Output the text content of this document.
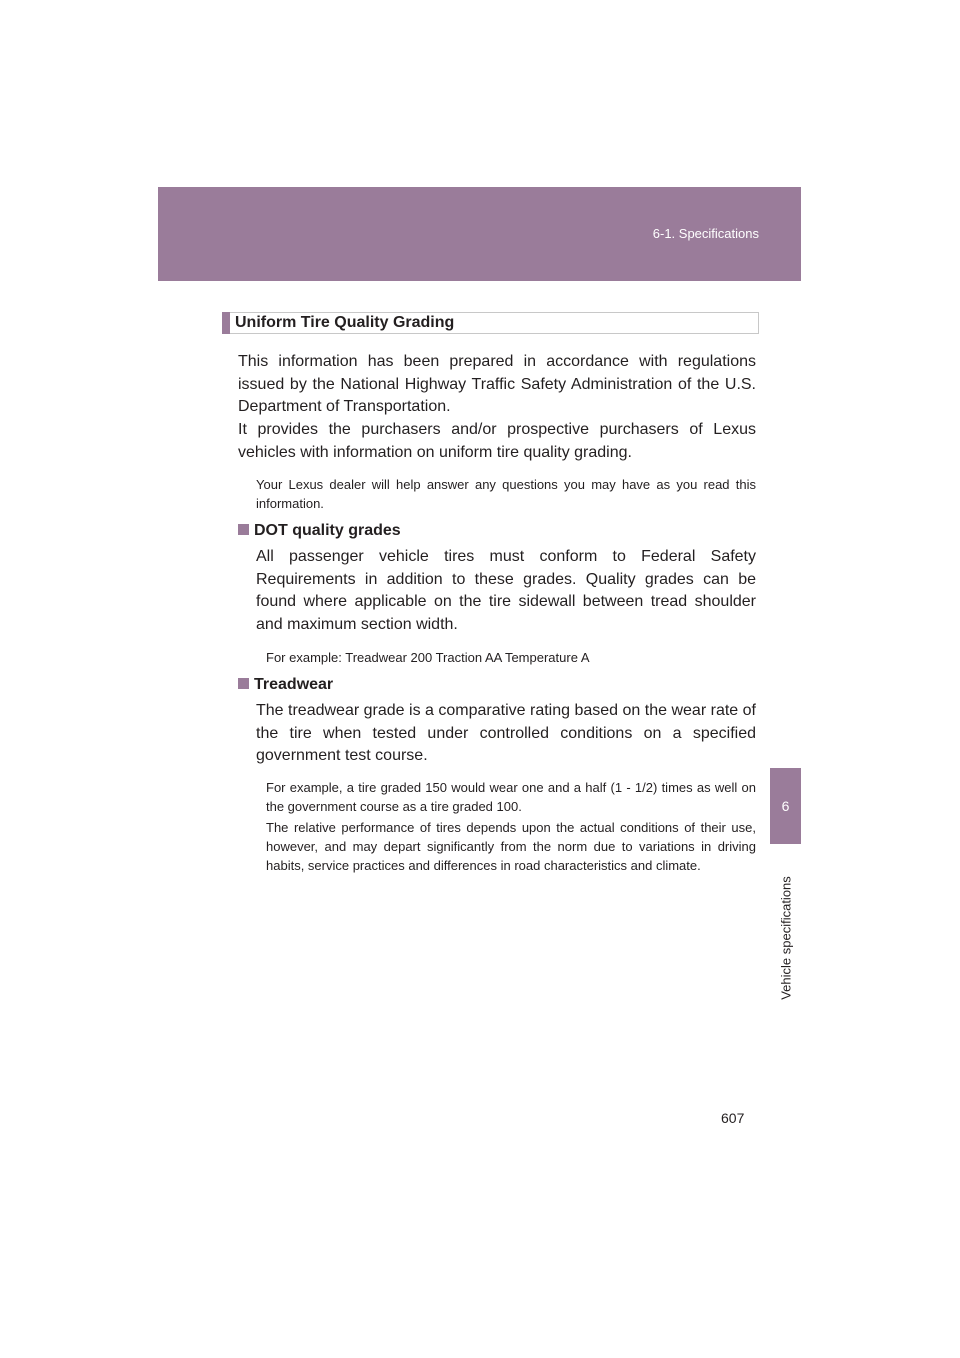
6-1. Specifications
6
Vehicle specifications
Uniform Tire Quality Grading

This information has been prepared in accordance with regulations issued by the National Highway Traffic Safety Administration of the U.S. Department of Transportation.

It provides the purchasers and/or prospective purchasers of Lexus vehicles with information on uniform tire quality grading.

Your Lexus dealer will help answer any questions you may have as you read this information.

DOT quality grades

All passenger vehicle tires must conform to Federal Safety Requirements in addition to these grades. Quality grades can be found where applicable on the tire sidewall between tread shoulder and maximum section width.

For example: Treadwear 200 Traction AA Temperature A

Treadwear

The treadwear grade is a comparative rating based on the wear rate of the tire when tested under controlled conditions on a specified government test course.

For example, a tire graded 150 would wear one and a half (1 - 1/2) times as well on the government course as a tire graded 100.

The relative performance of tires depends upon the actual conditions of their use, however, and may depart significantly from the norm due to variations in driving habits, service practices and differences in road characteristics and climate.

607
